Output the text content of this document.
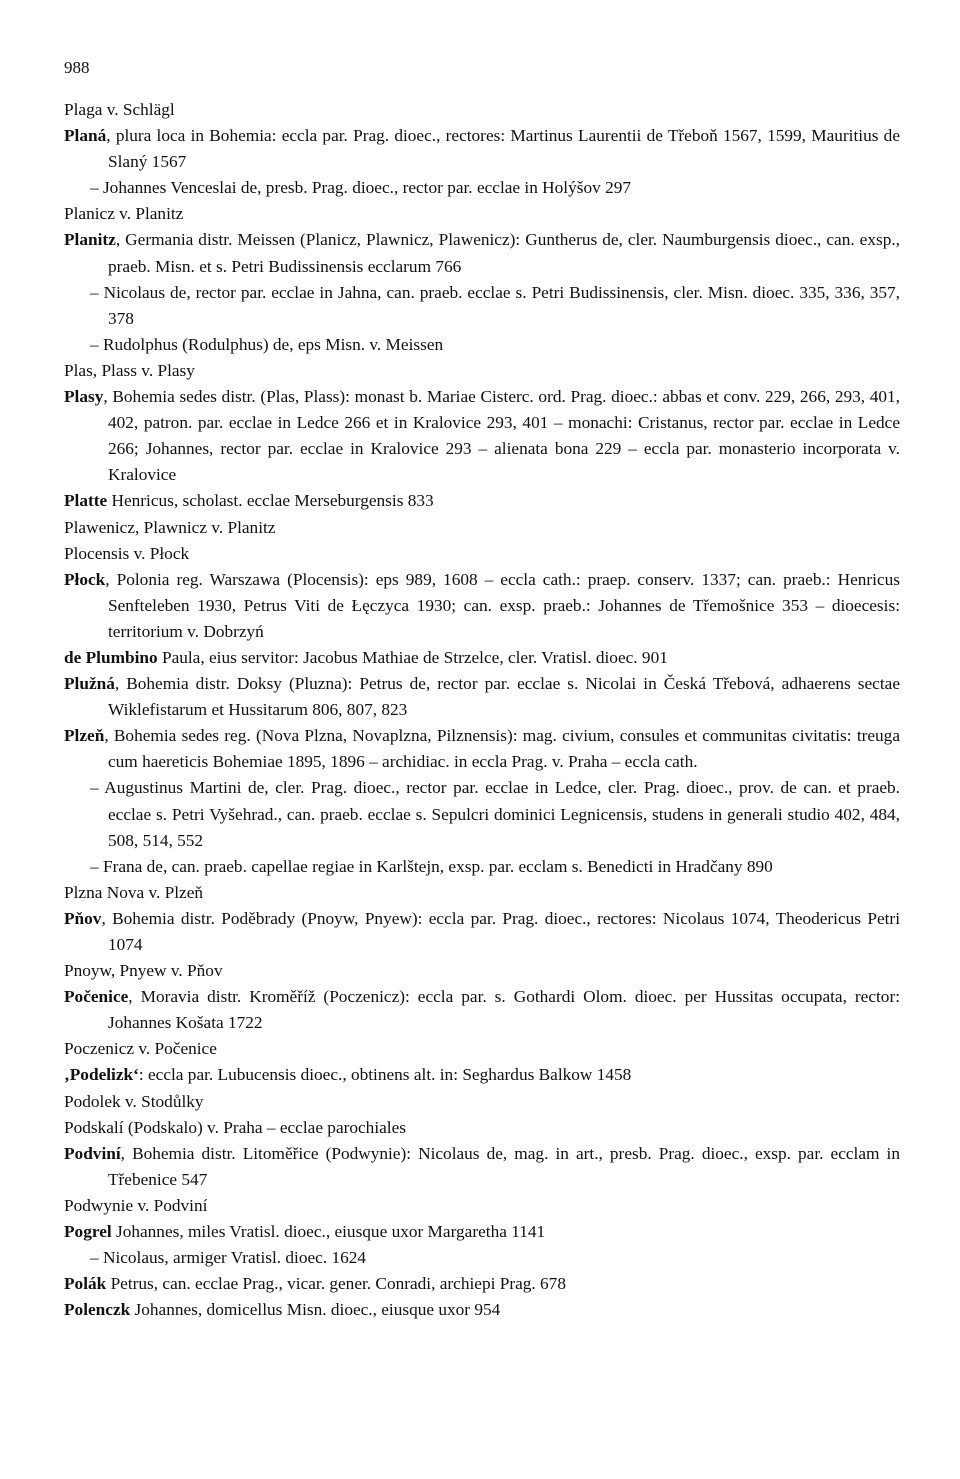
988

Plaga v. Schlägl

Planá, plura loca in Bohemia: eccla par. Prag. dioec., rectores: Martinus Laurentii de Třeboň 1567, 1599, Mauritius de Slaný 1567

– Johannes Venceslai de, presb. Prag. dioec., rector par. ecclae in Holýšov 297

Planicz v. Planitz

Planitz, Germania distr. Meissen (Planicz, Plawnicz, Plawenicz): Guntherus de, cler. Naumburgensis dioec., can. exsp., praeb. Misn. et s. Petri Budissinensis ecclarum 766

– Nicolaus de, rector par. ecclae in Jahna, can. praeb. ecclae s. Petri Budissinensis, cler. Misn. dioec. 335, 336, 357, 378

– Rudolphus (Rodulphus) de, eps Misn. v. Meissen

Plas, Plass v. Plasy

Plasy, Bohemia sedes distr. (Plas, Plass): monast b. Mariae Cisterc. ord. Prag. dioec.: abbas et conv. 229, 266, 293, 401, 402, patron. par. ecclae in Ledce 266 et in Kralovice 293, 401 – monachi: Cristanus, rector par. ecclae in Ledce 266; Johannes, rector par. ecclae in Kralovice 293 – alienata bona 229 – eccla par. monasterio incorporata v. Kralovice

Platte Henricus, scholast. ecclae Merseburgensis 833

Plawenicz, Plawnicz v. Planitz

Plocensis v. Płock

Płock, Polonia reg. Warszawa (Plocensis): eps 989, 1608 – eccla cath.: praep. conserv. 1337; can. praeb.: Henricus Senfteleben 1930, Petrus Viti de Łęczyca 1930; can. exsp. praeb.: Johannes de Třemošnice 353 – dioecesis: territorium v. Dobrzyń

de Plumbino Paula, eius servitor: Jacobus Mathiae de Strzelce, cler. Vratisl. dioec. 901

Plužná, Bohemia distr. Doksy (Pluzna): Petrus de, rector par. ecclae s. Nicolai in Česká Třebová, adhaerens sectae Wiklefistarum et Hussitarum 806, 807, 823

Plzeň, Bohemia sedes reg. (Nova Plzna, Novaplzna, Pilznensis): mag. civium, consules et communitas civitatis: treuga cum haereticis Bohemiae 1895, 1896 – archidiac. in eccla Prag. v. Praha – eccla cath.

– Augustinus Martini de, cler. Prag. dioec., rector par. ecclae in Ledce, cler. Prag. dioec., prov. de can. et praeb. ecclae s. Petri Vyšehrad., can. praeb. ecclae s. Sepulcri dominici Legnicensis, studens in generali studio 402, 484, 508, 514, 552

– Frana de, can. praeb. capellae regiae in Karlštejn, exsp. par. ecclam s. Benedicti in Hradčany 890

Plzna Nova v. Plzeň

Pňov, Bohemia distr. Poděbrady (Pnoyw, Pnyew): eccla par. Prag. dioec., rectores: Nicolaus 1074, Theodericus Petri 1074

Pnoyw, Pnyew v. Pňov

Počenice, Moravia distr. Kroměříž (Poczenicz): eccla par. s. Gothardi Olom. dioec. per Hussitas occupata, rector: Johannes Košata 1722

Poczenicz v. Počenice

‚Podelizk‘: eccla par. Lubucensis dioec., obtinens alt. in: Seghardus Balkow 1458

Podolek v. Stodůlky

Podskalí (Podskalo) v. Praha – ecclae parochiales

Podviní, Bohemia distr. Litoměřice (Podwynie): Nicolaus de, mag. in art., presb. Prag. dioec., exsp. par. ecclam in Třebenice 547

Podwynie v. Podviní

Pogrel Johannes, miles Vratisl. dioec., eiusque uxor Margaretha 1141

– Nicolaus, armiger Vratisl. dioec. 1624

Polák Petrus, can. ecclae Prag., vicar. gener. Conradi, archiepi Prag. 678

Polenczk Johannes, domicellus Misn. dioec., eiusque uxor 954
